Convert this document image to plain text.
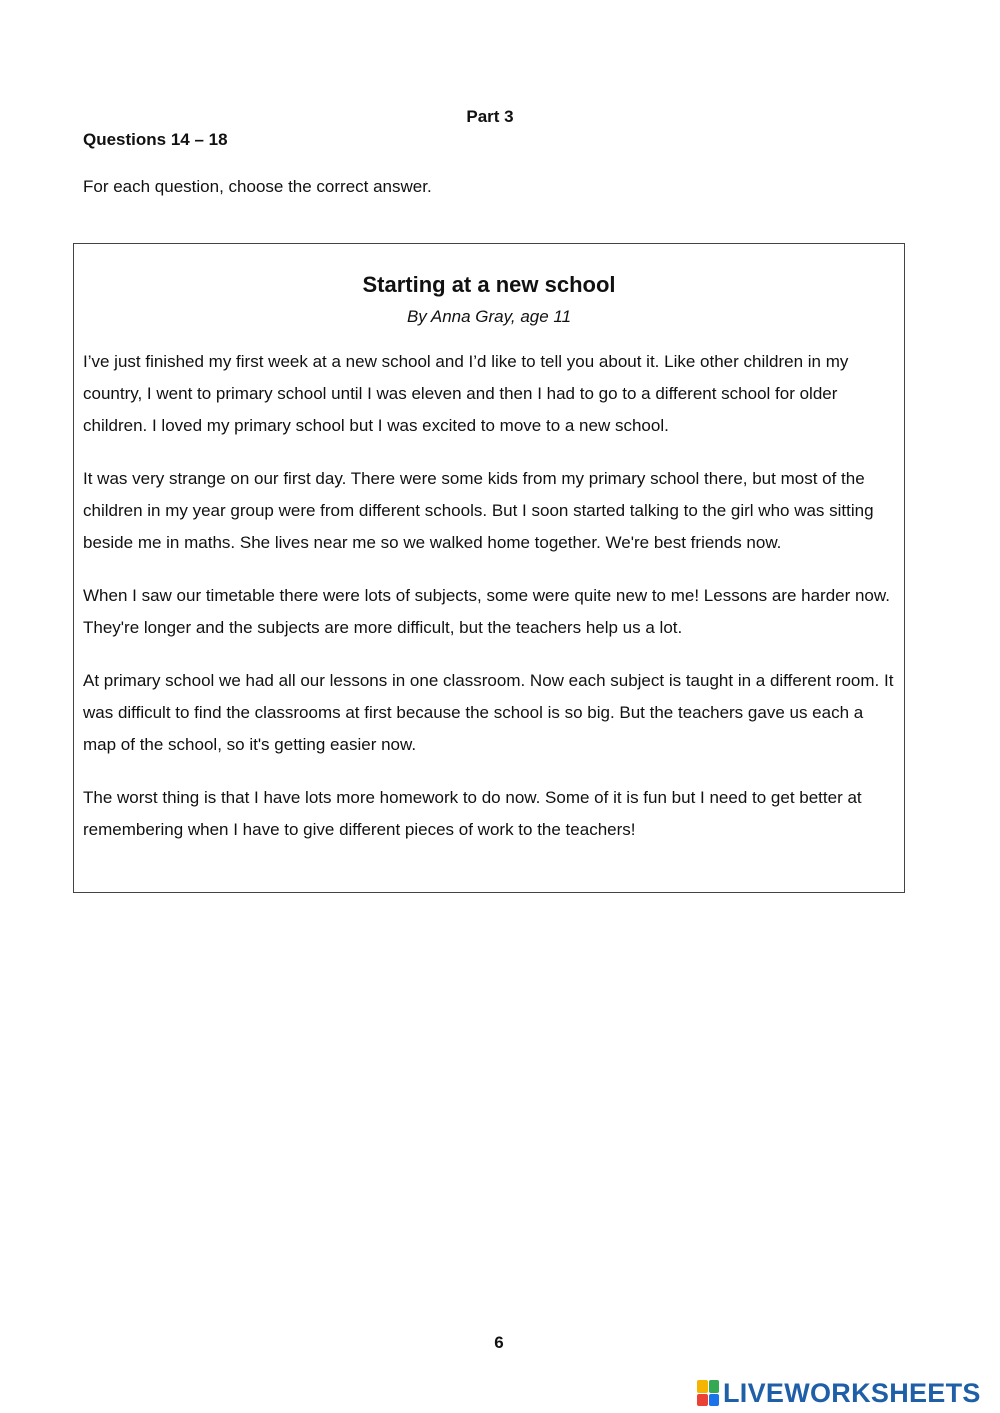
Part 3
Questions 14 – 18
For each question, choose the correct answer.
Starting at a new school
By Anna Gray, age 11

I’ve just finished my first week at a new school and I’d like to tell you about it. Like other children in my country, I went to primary school until I was eleven and then I had to go to a different school for older children. I loved my primary school but I was excited to move to a new school.

It was very strange on our first day. There were some kids from my primary school there, but most of the children in my year group were from different schools. But I soon started talking to the girl who was sitting beside me in maths. She lives near me so we walked home together. We're best friends now.

When I saw our timetable there were lots of subjects, some were quite new to me! Lessons are harder now. They're longer and the subjects are more difficult, but the teachers help us a lot.

At primary school we had all our lessons in one classroom. Now each subject is taught in a different room. It was difficult to find the classrooms at first because the school is so big. But the teachers gave us each a map of the school, so it's getting easier now.

The worst thing is that I have lots more homework to do now. Some of it is fun but I need to get better at remembering when I have to give different pieces of work to the teachers!

6
LIVEWORKSHEETS
